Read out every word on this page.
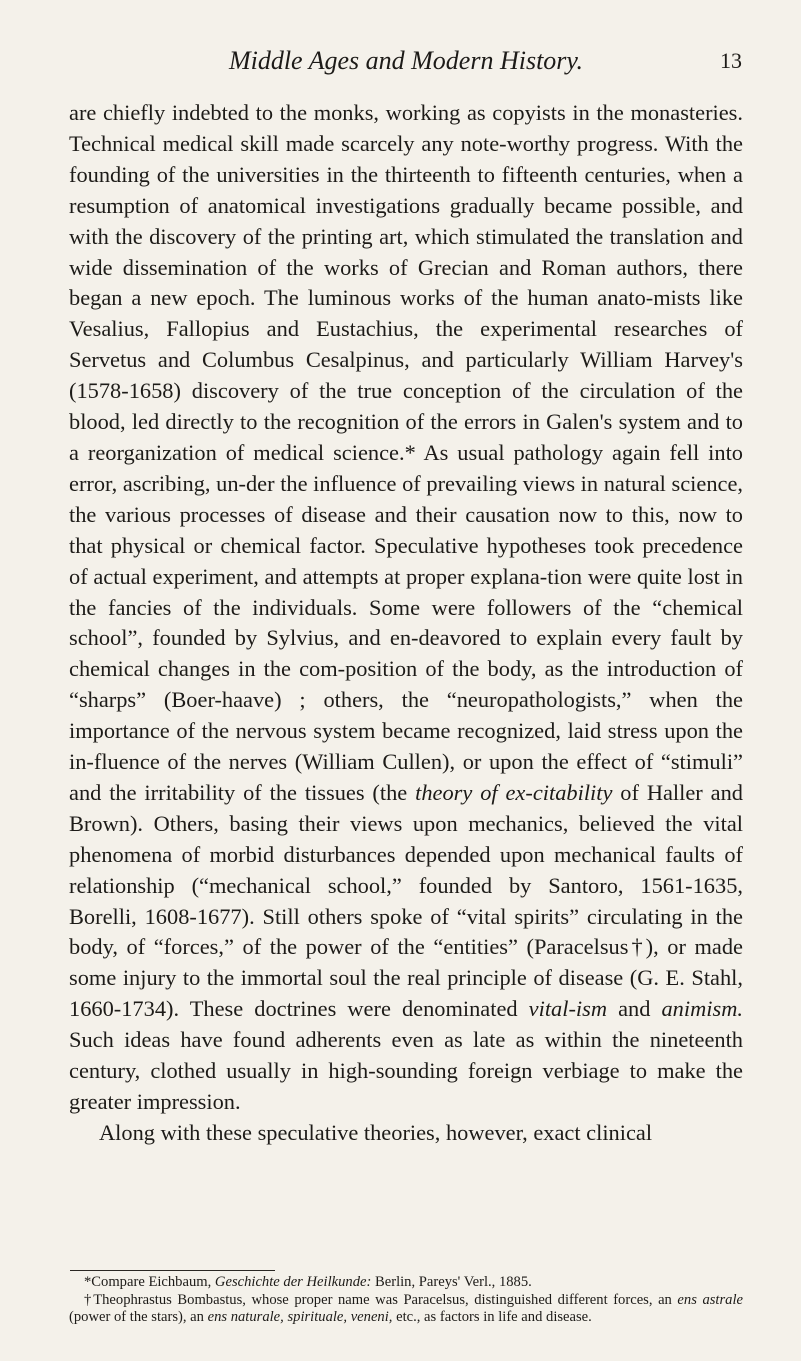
Middle Ages and Modern History.	13

are chiefly indebted to the monks, working as copyists in the monasteries. Technical medical skill made scarcely any note-worthy progress. With the founding of the universities in the thirteenth to fifteenth centuries, when a resumption of anatomical investigations gradually became possible, and with the discovery of the printing art, which stimulated the translation and wide dissemination of the works of Grecian and Roman authors, there began a new epoch. The luminous works of the human anato-mists like Vesalius, Fallopius and Eustachius, the experimental researches of Servetus and Columbus Cesalpinus, and particularly William Harvey's (1578-1658) discovery of the true conception of the circulation of the blood, led directly to the recognition of the errors in Galen's system and to a reorganization of medical science.* As usual pathology again fell into error, ascribing, un-der the influence of prevailing views in natural science, the various processes of disease and their causation now to this, now to that physical or chemical factor. Speculative hypotheses took precedence of actual experiment, and attempts at proper explana-tion were quite lost in the fancies of the individuals. Some were followers of the “chemical school”, founded by Sylvius, and en-deavored to explain every fault by chemical changes in the com-position of the body, as the introduction of “sharps” (Boer-haave) ; others, the “neuropathologists,” when the importance of the nervous system became recognized, laid stress upon the in-fluence of the nerves (William Cullen), or upon the effect of “stimuli” and the irritability of the tissues (the theory of ex-citability of Haller and Brown). Others, basing their views upon mechanics, believed the vital phenomena of morbid disturbances depended upon mechanical faults of relationship (“mechanical school,” founded by Santoro, 1561-1635, Borelli, 1608-1677). Still others spoke of “vital spirits” circulating in the body, of “forces,” of the power of the “entities” (Paracelsus†), or made some injury to the immortal soul the real principle of disease (G. E. Stahl, 1660-1734). These doctrines were denominated vital-ism and animism. Such ideas have found adherents even as late as within the nineteenth century, clothed usually in high-sounding foreign verbiage to make the greater impression.

Along with these speculative theories, however, exact clinical

*Compare Eichbaum, Geschichte der Heilkunde: Berlin, Pareys' Verl., 1885.

†Theophrastus Bombastus, whose proper name was Paracelsus, distinguished different forces, an ens astrale (power of the stars), an ens naturale, spirituale, veneni, etc., as factors in life and disease.
